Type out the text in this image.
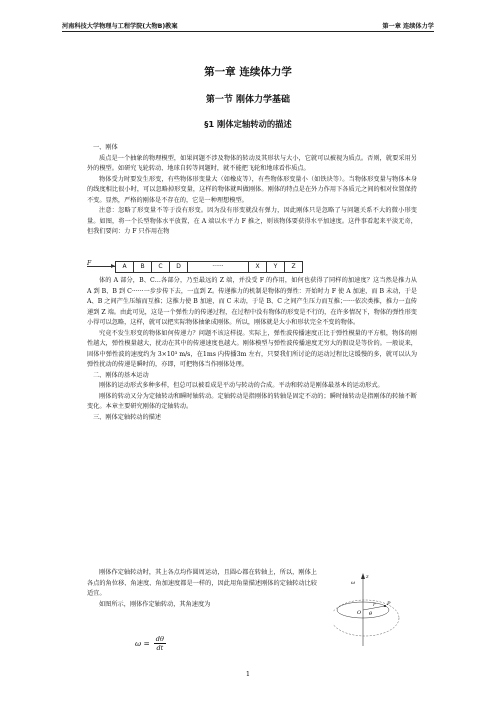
河南科技大学物理与工程学院(大物B)教案	第一章 连续体力学
第一章 连续体力学
第一节 刚体力学基础
§1 刚体定轴转动的描述

一、刚体

质点是一个抽象的物理模型，如果问题不涉及物体的转动及其形状与大小，它就可以被视为质点。否则，就要采用另外的模型。如研究飞轮转动、地球自转等问题时，就不能把飞轮和地球看作质点。

物体受力时要发生形变，有些物体形变量大（如橡皮等），有些物体形变量小（如铁块等）。当物体形变量与物体本身的线度相比很小时，可以忽略掉形变量，这样的物体就叫做刚体。刚体的特点是在外力作用下各质元之间的相对位置保持不变。显然，严格的刚体是不存在的，它是一种理想模型。

注意：忽略了形变量不等于没有形变。因为没有形变就没有弹力，因此刚体只是忽略了与问题关系不大的微小形变量。如图，将一个长型物体水平放置，在 A 端以水平力 F 推之，则该物体要获得水平加速度。这件事看起来平淡无奇，但我们要问：力 F 只作用在物

F	A	B	C	D	······	X	Y	Z

体的 A 部分，B、C…各部分，乃至最远的 Z 端，并没受 F 的作用，如何也获得了同样的加速度？这当然是推力从 A 到 B、B 到 C······一步步传下去，一直到 Z。传递推力的机制是物体的弹性：开始时力 F 使 A 加速，而 B 未动，于是 A、B 之间产生压缩而互推；这推力使 B 加速，而 C 未动，于是 B、C 之间产生压力而互推；······依次类推，推力一直传递到 Z 端。由此可见，这是一个弹性力的传递过程，在过程中没有物体的形变是不行的，在许多情况下，物体的弹性形变小得可以忽略，这样，就可以把实际物体抽象成刚体。所以，刚体就是大小和形状完全不变的物体。

究竟不发生形变的物体如何传递力？问题不该这样提。实际上，弹性波传播速度正比于弹性模量的平方根，物体的刚性越大，弹性模量越大，扰动在其中的传递速度也越大。刚体模型与弹性波传播速度无穷大的假设是等价的。一般说来，固体中弹性波的速度约为 3×10³ m/s，在1ms 内传播3m 左右，只要我们所讨论的运动过程比这缓慢的多，就可以认为弹性扰动的传递是瞬时的，亦即，可把物体当作刚体处理。

二、刚体的基本运动

刚体的运动形式多种多样，但总可以被看成是平动与转动的合成。平动和转动是刚体最基本的运动形式。

刚体的转动又分为定轴转动和瞬时轴转动。定轴转动是指刚体的转轴是固定不动的；瞬时轴转动是指刚体的转轴不断变化。本章主要研究刚体的定轴转动。

三、刚体定轴转动的描述

刚体作定轴转动时，其上各点均作圆周运动，且圆心都在转轴上，所以，刚体上各点的角位移、角速度、角加速度都是一样的，因此用角量描述刚体的定轴转动比较适宜。

如图所示，刚体作定轴转动，其角速度为

$\omega = \frac{d\theta}{dt}$
z
ω
P
r
θ
O
1
